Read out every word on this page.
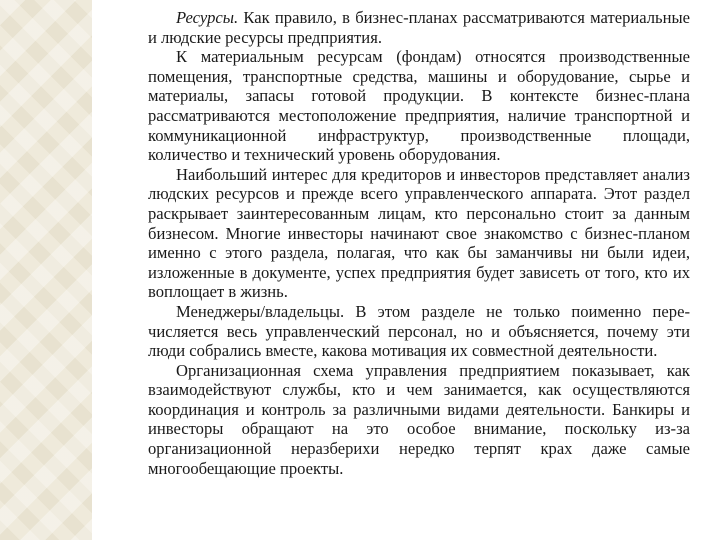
Ресурсы. Как правило, в бизнес-планах рассматриваются материальные и людские ресурсы предприятия.

К материальным ресурсам (фондам) относятся производственные помещения, транспортные средства, машины и оборудование, сырье и материалы, запасы готовой продукции. В контексте бизнес-плана рассматриваются местоположение предприятия, наличие транспортной и коммуникационной инфраструктур, производственные площади, количество и технический уровень оборудования.

Наибольший интерес для кредиторов и инвесторов представляет анализ людских ресурсов и прежде всего управленческого аппарата. Этот раздел раскрывает заинтересованным лицам, кто персонально стоит за данным бизнесом. Многие инвесторы начинают свое знакомство с бизнес-планом именно с этого раздела, полагая, что как бы заманчивы ни были идеи, изложенные в документе, успех предприятия будет зависеть от того, кто их воплощает в жизнь.

Менеджеры/владельцы. В этом разделе не только поименно перечисляется весь управленческий персонал, но и объясняется, почему эти люди собрались вместе, какова мотивация их совместной деятельности.

Организационная схема управления предприятием показывает, как взаимодействуют службы, кто и чем занимается, как осуществляются координация и контроль за различными видами деятельности. Банкиры и инвесторы обращают на это особое внимание, поскольку из-за организационной неразберихи нередко терпят крах даже самые многообещающие проекты.
